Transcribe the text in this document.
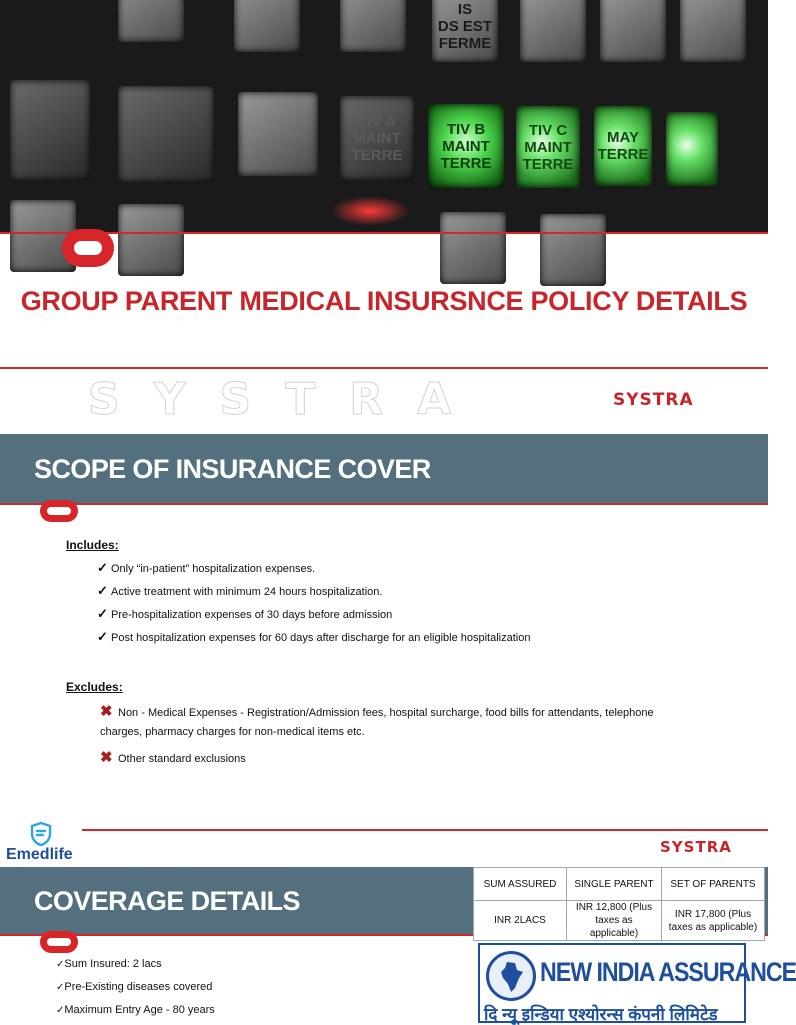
IS
DS EST
FERME
TIV A
MAINT
TERRE
TIV B
MAINT
TERRE
TIV C
MAINT
TERRE
MAY
TERRE
GROUP PARENT MEDICAL INSURSNCE POLICY DETAILS
SYSTRA	SYSTRA
SCOPE OF INSURANCE COVER
Includes:
✓ Only “in-patient” hospitalization expenses.
✓ Active treatment with minimum 24 hours hospitalization.
✓ Pre-hospitalization expenses of 30 days before admission
✓ Post hospitalization expenses for 60 days after discharge for an eligible hospitalization
Excludes:
✖ Non - Medical Expenses - Registration/Admission fees, hospital surcharge, food bills for attendants, telephone
charges, pharmacy charges for non-medical items etc.
✖ Other standard exclusions
Emedlife	SYSTRA
COVERAGE DETAILS
SUM ASSURED	SINGLE PARENT	SET OF PARENTS
INR 2LACS	INR 12,800 (Plus taxes as applicable)	INR 17,800 (Plus taxes as applicable)
✓Sum Insured: 2 lacs
✓Pre-Existing diseases covered
✓Maximum Entry Age - 80 years
NEW INDIA ASSURANCE
दि न्यू इन्डिया एश्योरन्स कंपनी लिमिटेड
